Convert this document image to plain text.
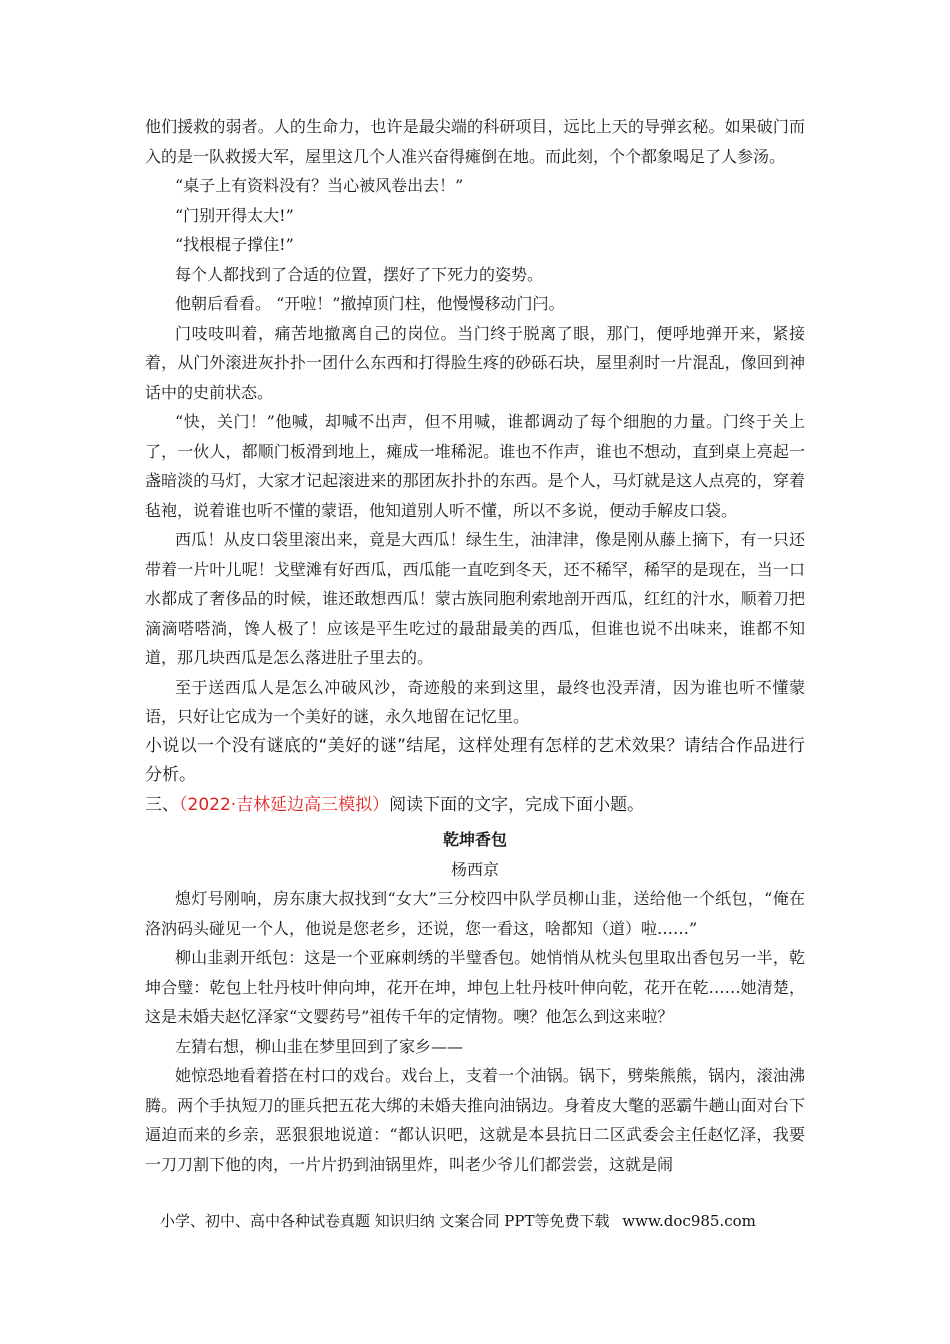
他们援救的弱者。人的生命力，也许是最尖端的科研项目，远比上天的导弹玄秘。如果破门而入的是一队救援大军，屋里这几个人准兴奋得瘫倒在地。而此刻，个个都象喝足了人参汤。

“桌子上有资料没有？当心被风卷出去！”

“门别开得太大!”

“找根棍子撑住!”

每个人都找到了合适的位置，摆好了下死力的姿势。

他朝后看看。 “开啦！”撤掉顶门柱，他慢慢移动门闩。

门吱吱叫着，痛苦地撤离自己的岗位。当门终于脱离了眼，那门，便呼地弹开来，紧接着，从门外滚进灰扑扑一团什么东西和打得脸生疼的砂砾石块，屋里刹时一片混乱，像回到神话中的史前状态。

“快，关门！”他喊，却喊不出声，但不用喊，谁都调动了每个细胞的力量。门终于关上了，一伙人，都顺门板滑到地上，瘫成一堆稀泥。谁也不作声，谁也不想动，直到桌上亮起一盏暗淡的马灯，大家才记起滚进来的那团灰扑扑的东西。是个人，马灯就是这人点亮的，穿着毡袍，说着谁也听不懂的蒙语，他知道别人听不懂，所以不多说，便动手解皮口袋。

西瓜！从皮口袋里滚出来，竟是大西瓜！绿生生，油津津，像是刚从藤上摘下，有一只还带着一片叶儿呢！戈壁滩有好西瓜，西瓜能一直吃到冬天，还不稀罕，稀罕的是现在，当一口水都成了奢侈品的时候，谁还敢想西瓜！蒙古族同胞利索地剖开西瓜，红红的汁水，顺着刀把滴滴嗒嗒淌，馋人极了！应该是平生吃过的最甜最美的西瓜，但谁也说不出味来，谁都不知道，那几块西瓜是怎么落进肚子里去的。

至于送西瓜人是怎么冲破风沙，奇迹般的来到这里，最终也没弄清，因为谁也听不懂蒙语，只好让它成为一个美好的谜，永久地留在记忆里。

小说以一个没有谜底的“美好的谜”结尾，这样处理有怎样的艺术效果？请结合作品进行分析。

三、（2022·吉林延边高三模拟）阅读下面的文字，完成下面小题。

乾坤香包

杨西京

熄灯号刚响，房东康大叔找到“女大”三分校四中队学员柳山韭，送给他一个纸包，“俺在洛汭码头碰见一个人，他说是您老乡，还说，您一看这，啥都知（道）啦……”

柳山韭剥开纸包：这是一个亚麻刺绣的半璧香包。她悄悄从枕头包里取出香包另一半，乾坤合璧：乾包上牡丹枝叶伸向坤，花开在坤，坤包上牡丹枝叶伸向乾，花开在乾……她清楚，这是未婚夫赵忆泽家“文婴药号”祖传千年的定情物。噢？他怎么到这来啦？

左猜右想，柳山韭在梦里回到了家乡——

她惊恐地看着搭在村口的戏台。戏台上，支着一个油锅。锅下，劈柴熊熊，锅内，滚油沸腾。两个手执短刀的匪兵把五花大绑的未婚夫推向油锅边。身着皮大氅的恶霸牛趟山面对台下逼迫而来的乡亲，恶狠狠地说道：“都认识吧，这就是本县抗日二区武委会主任赵忆泽，我要一刀刀割下他的肉，一片片扔到油锅里炸，叫老少爷儿们都尝尝，这就是闹

小学、初中、高中各种试卷真题 知识归纳 文案合同 PPT等免费下载 www.doc985.com
